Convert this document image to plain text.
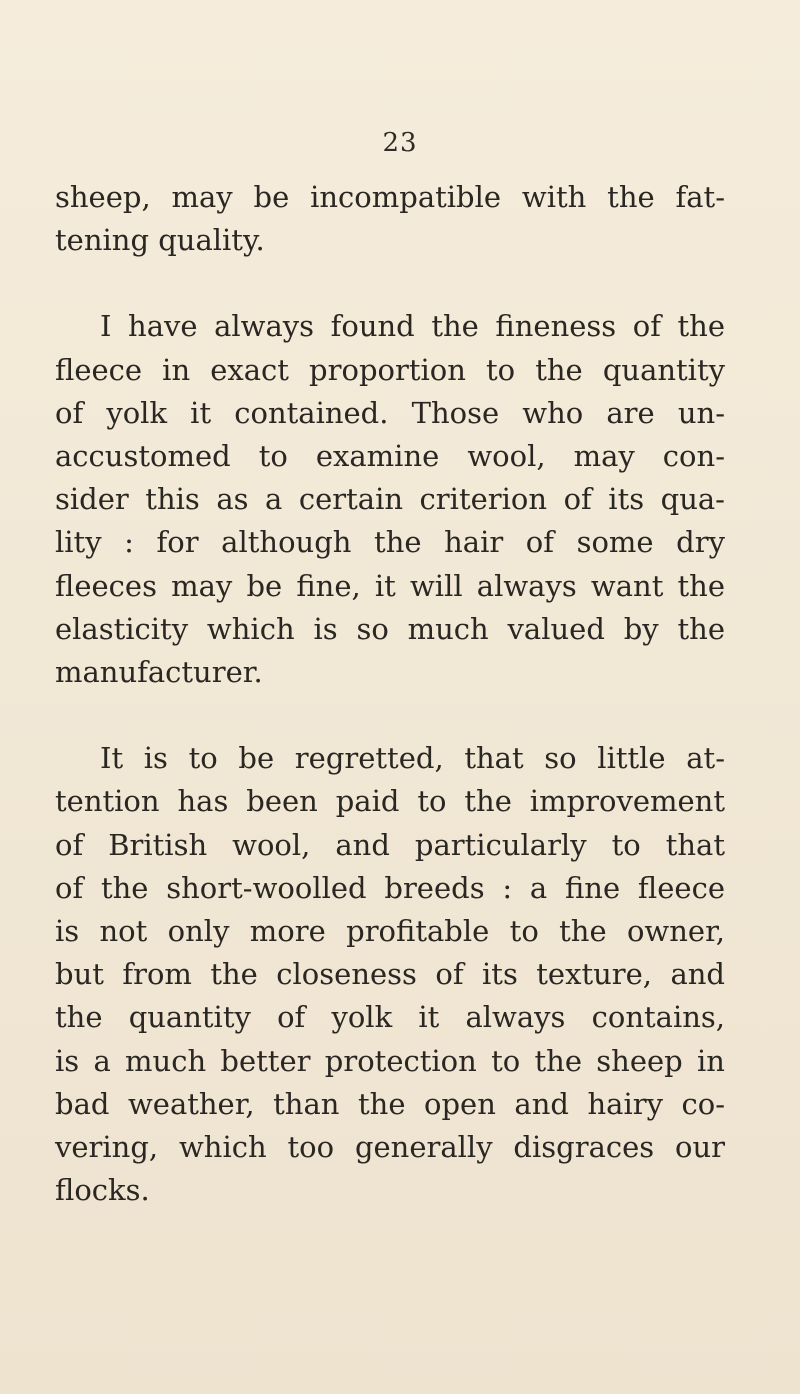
23

sheep, may be incompatible with the fat-
tening quality.

I have always found the fineness of the
fleece in exact proportion to the quantity
of yolk it contained. Those who are un-
accustomed to examine wool, may con-
sider this as a certain criterion of its qua-
lity : for although the hair of some dry
fleeces may be fine, it will always want the
elasticity which is so much valued by the
manufacturer.

It is to be regretted, that so little at-
tention has been paid to the improvement
of British wool, and particularly to that
of the short-woolled breeds : a fine fleece
is not only more profitable to the owner,
but from the closeness of its texture, and
the quantity of yolk it always contains,
is a much better protection to the sheep in
bad weather, than the open and hairy co-
vering, which too generally disgraces our
flocks.
